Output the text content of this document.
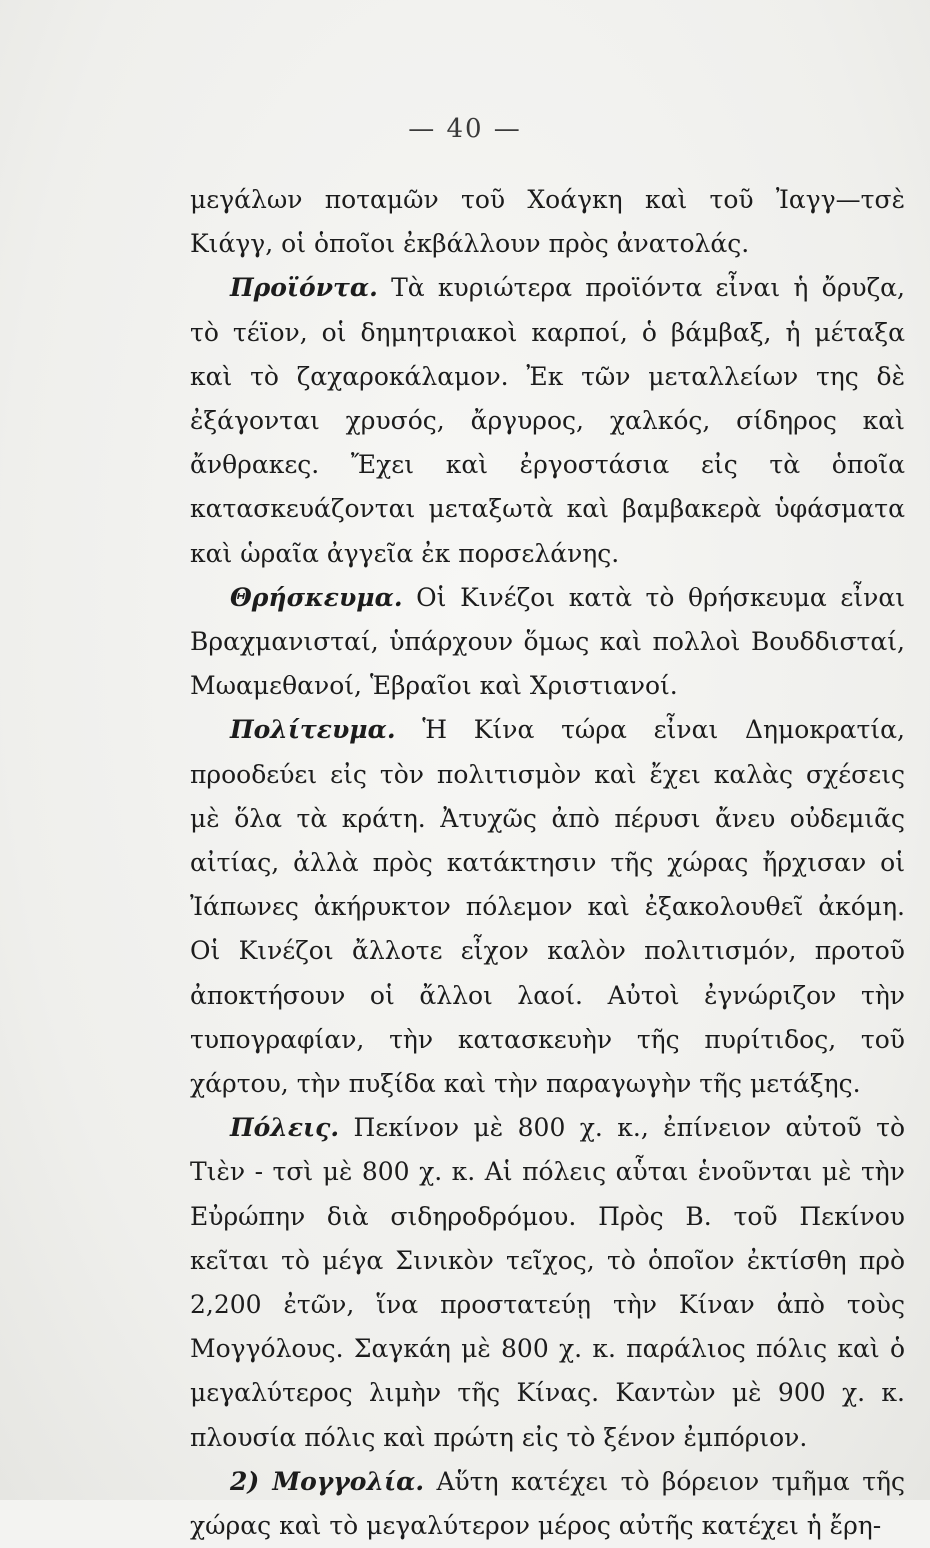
— 40 —

μεγάλων ποταμῶν τοῦ Χοάγκη καὶ τοῦ Ἰαγγ—τσὲ Κιάγγ, οἱ ὁποῖοι ἐκβάλλουν πρὸς ἀνατολάς.

Προϊόντα. Τὰ κυριώτερα προϊόντα εἶναι ἡ ὄρυζα, τὸ τέϊον, οἱ δημητριακοὶ καρποί, ὁ βάμβαξ, ἡ μέταξα καὶ τὸ ζαχαροκάλαμον. Ἐκ τῶν μεταλλείων της δὲ ἐξάγονται χρυσός, ἄργυρος, χαλκός, σίδηρος καὶ ἄνθρακες. Ἔχει καὶ ἐργοστάσια εἰς τὰ ὁποῖα κατασκευάζονται μεταξωτὰ καὶ βαμβακερὰ ὑφάσματα καὶ ὡραῖα ἀγγεῖα ἐκ πορσελάνης.

Θρήσκευμα. Οἱ Κινέζοι κατὰ τὸ θρήσκευμα εἶναι Βραχμανισταί, ὑπάρχουν ὅμως καὶ πολλοὶ Βουδδισταί, Μωαμεθανοί, Ἑβραῖοι καὶ Χριστιανοί.

Πολίτευμα. Ἡ Κίνα τώρα εἶναι Δημοκρατία, προοδεύει εἰς τὸν πολιτισμὸν καὶ ἔχει καλὰς σχέσεις μὲ ὅλα τὰ κράτη. Ἀτυχῶς ἀπὸ πέρυσι ἄνευ οὐδεμιᾶς αἰτίας, ἀλλὰ πρὸς κατάκτησιν τῆς χώρας ἤρχισαν οἱ Ἰάπωνες ἀκήρυκτον πόλεμον καὶ ἐξακολουθεῖ ἀκόμη. Οἱ Κινέζοι ἄλλοτε εἶχον καλὸν πολιτισμόν, προτοῦ ἀποκτήσουν οἱ ἄλλοι λαοί. Αὐτοὶ ἐγνώριζον τὴν τυπογραφίαν, τὴν κατασκευὴν τῆς πυρίτιδος, τοῦ χάρτου, τὴν πυξίδα καὶ τὴν παραγωγὴν τῆς μετάξης.

Πόλεις. Πεκίνον μὲ 800 χ. κ., ἐπίνειον αὐτοῦ τὸ Τιὲν - τσὶ μὲ 800 χ. κ. Αἱ πόλεις αὗται ἑνοῦνται μὲ τὴν Εὐρώπην διὰ σιδηροδρόμου. Πρὸς Β. τοῦ Πεκίνου κεῖται τὸ μέγα Σινικὸν τεῖχος, τὸ ὁποῖον ἐκτίσθη πρὸ 2,200 ἐτῶν, ἵνα προστατεύῃ τὴν Κίναν ἀπὸ τοὺς Μογγόλους. Σαγκάη μὲ 800 χ. κ. παράλιος πόλις καὶ ὁ μεγαλύτερος λιμὴν τῆς Κίνας. Καντὼν μὲ 900 χ. κ. πλουσία πόλις καὶ πρώτη εἰς τὸ ξένον ἐμπόριον.

2) Μογγολία. Αὕτη κατέχει τὸ βόρειον τμῆμα τῆς χώρας καὶ τὸ μεγαλύτερον μέρος αὐτῆς κατέχει ἡ ἔρη-
